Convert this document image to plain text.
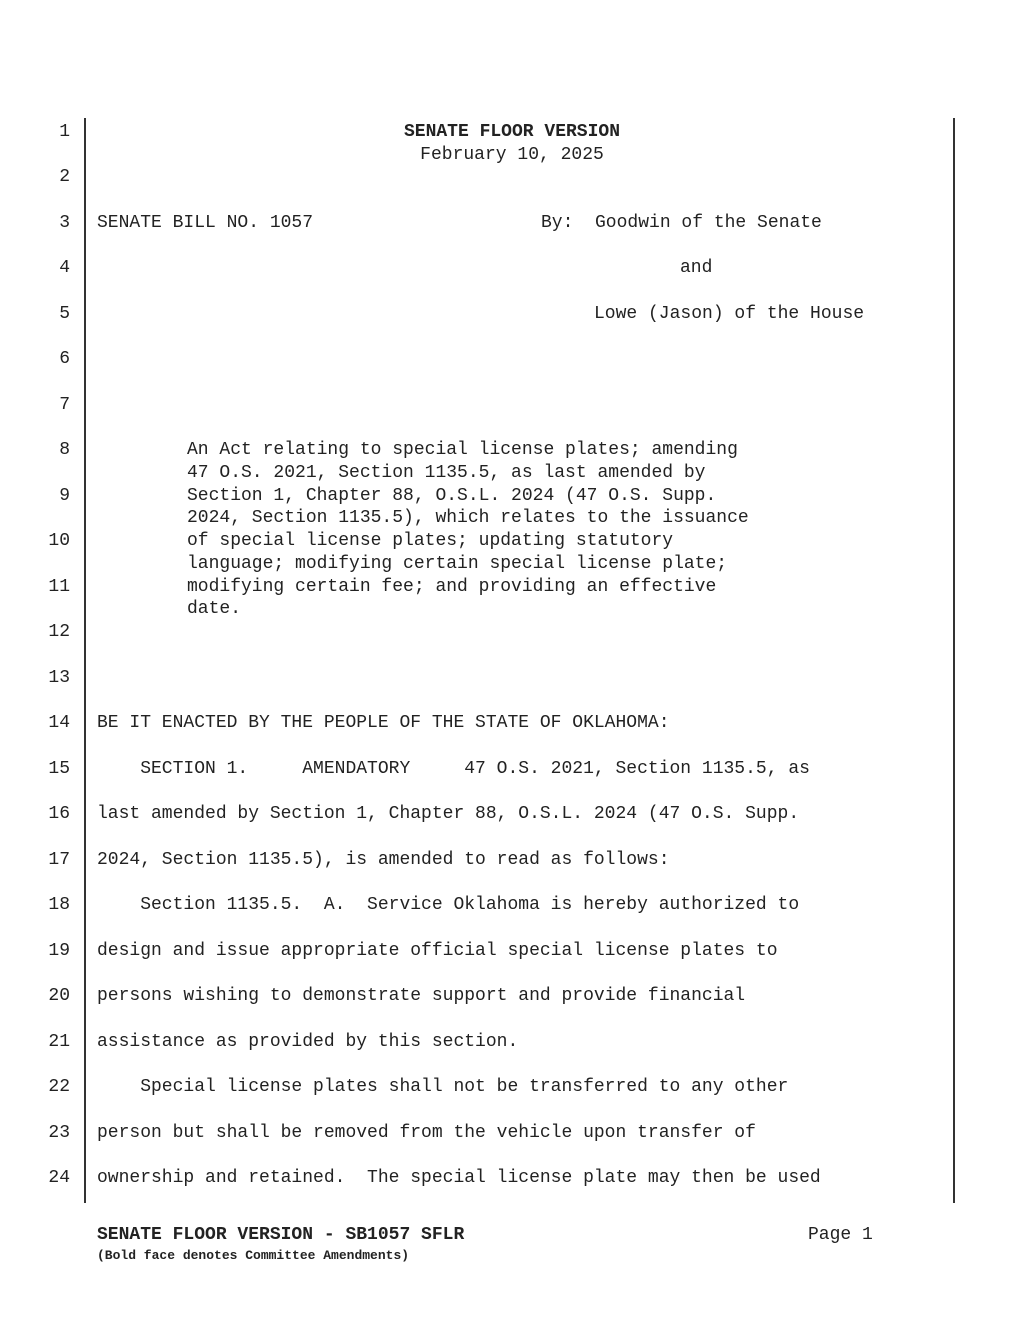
1
2
3
4
5
6
7
8
9
10
11
12
13
14
15
16
17
18
19
20
21
22
23
24
SENATE FLOOR VERSION
February 10, 2025
SENATE BILL NO. 1057	By:  Goodwin of the Senate
and
Lowe (Jason) of the House
An Act relating to special license plates; amending
47 O.S. 2021, Section 1135.5, as last amended by
Section 1, Chapter 88, O.S.L. 2024 (47 O.S. Supp.
2024, Section 1135.5), which relates to the issuance
of special license plates; updating statutory
language; modifying certain special license plate;
modifying certain fee; and providing an effective
date.
BE IT ENACTED BY THE PEOPLE OF THE STATE OF OKLAHOMA:
SECTION 1.     AMENDATORY     47 O.S. 2021, Section 1135.5, as
last amended by Section 1, Chapter 88, O.S.L. 2024 (47 O.S. Supp.
2024, Section 1135.5), is amended to read as follows:
Section 1135.5.  A.  Service Oklahoma is hereby authorized to
design and issue appropriate official special license plates to
persons wishing to demonstrate support and provide financial
assistance as provided by this section.
Special license plates shall not be transferred to any other
person but shall be removed from the vehicle upon transfer of
ownership and retained.  The special license plate may then be used
SENATE FLOOR VERSION - SB1057 SFLR
(Bold face denotes Committee Amendments)
Page 1
